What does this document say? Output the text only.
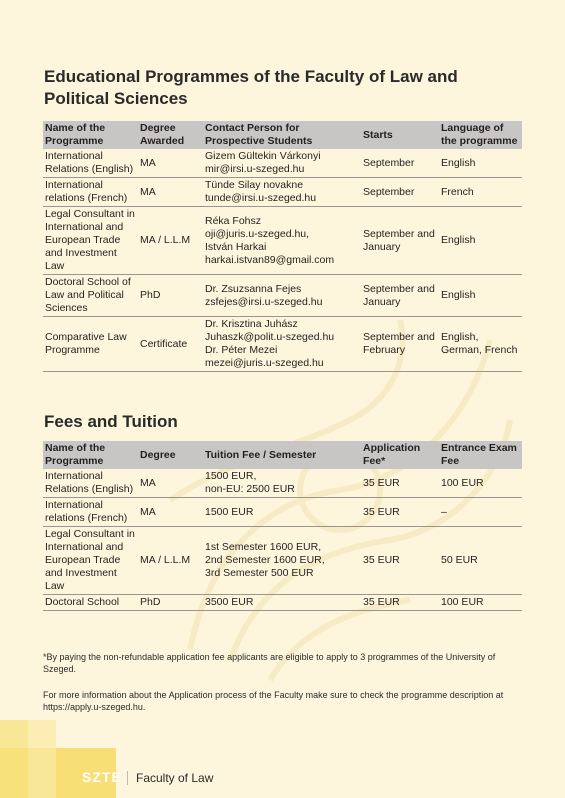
Educational Programmes of the Faculty of Law and Political Sciences
Name of the Programme	Degree Awarded	Contact Person for Prospective Students	Starts	Language of the programme
International Relations (English)	MA	Gizem Gültekin Várkonyi
mir@irsi.u-szeged.hu	September	English
International relations (French)	MA	Tünde Silay novakne
tunde@irsi.u-szeged.hu	September	French
Legal Consultant in International and European Trade and Investment Law	MA / L.L.M	Réka Fohsz
oji@juris.u-szeged.hu,
István Harkai
harkai.istvan89@gmail.com	September and January	English
Doctoral School of Law and Political Sciences	PhD	Dr. Zsuzsanna Fejes
zsfejes@irsi.u-szeged.hu	September and January	English
Comparative Law Programme	Certificate	Dr. Krisztina Juhász
Juhaszk@polit.u-szeged.hu
Dr. Péter Mezei
mezei@juris.u-szeged.hu	September and February	English, German, French
Fees and Tuition
Name of the Programme	Degree	Tuition Fee / Semester	Application Fee*	Entrance Exam Fee
International Relations (English)	MA	1500 EUR,
non-EU: 2500 EUR	35 EUR	100 EUR
International relations (French)	MA	1500 EUR	35 EUR	–
Legal Consultant in International and European Trade and Investment Law	MA / L.L.M	1st Semester 1600 EUR,
2nd Semester 1600 EUR,
3rd Semester 500 EUR	35 EUR	50 EUR
Doctoral School	PhD	3500 EUR	35 EUR	100 EUR
*By paying the non-refundable application fee applicants are eligible to apply to 3 programmes of the University of Szeged.
For more information about the Application process of the Faculty make sure to check the programme description at https://apply.u-szeged.hu.
SZTE	Faculty of Law
